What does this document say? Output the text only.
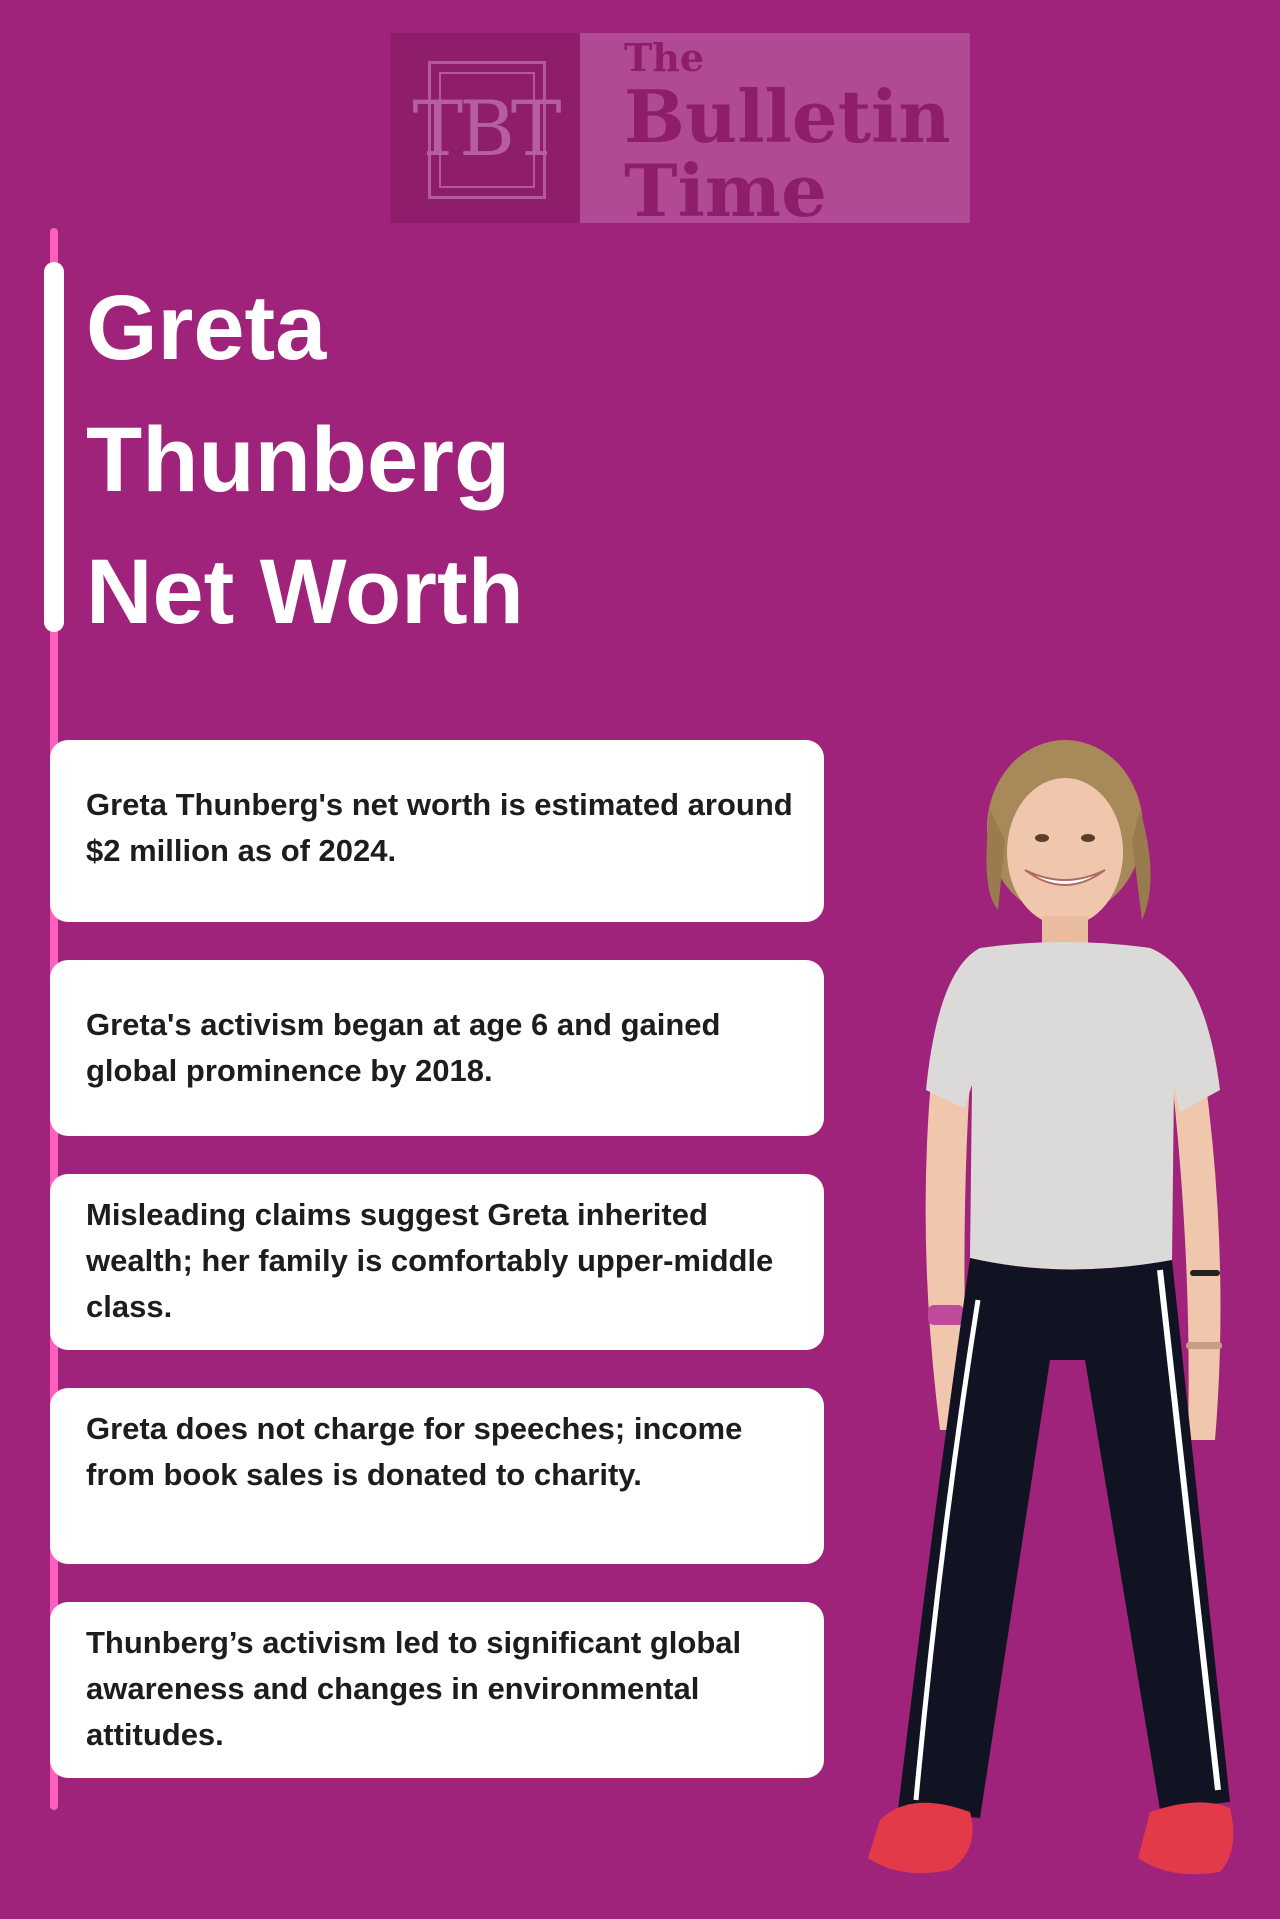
TBT
The
Bulletin
Time
Greta
Thunberg
Net Worth
Greta Thunberg's net worth is estimated around $2 million as of 2024.
Greta's activism began at age 6 and gained global prominence by 2018.
Misleading claims suggest Greta inherited wealth; her family is comfortably upper-middle class.
Greta does not charge for speeches; income from book sales is donated to charity.
Thunberg’s activism led to significant global awareness and changes in environmental attitudes.
